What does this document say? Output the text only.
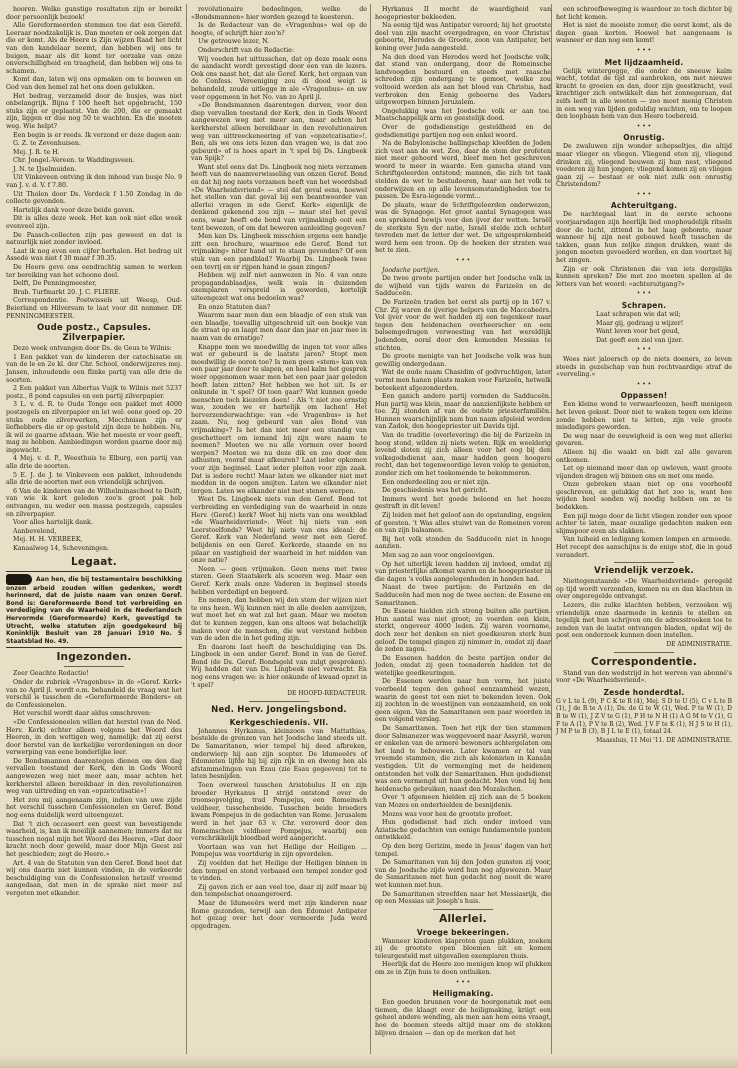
hooren. Welke gunstige resultaten zijn er bereikt door persoonlijk bezoek!

Alle Gereformeerden stemmen toe dat een Gerefd. Leeraar noodzakelijk is. Dan moeten er ook zorgen dat die er komt. Als de Heere is Zijn wijzen Raad het licht van den kandelaar neemt, dan hebben wij ons te buigen, maar als dit komt ter oorzake van onze onverschilligheid en traagheid, dan hebben wij ons te schamen.

Komt dan, laten wij ons opmaken om te bouwen en God van den hemel zal het ons doen gelukken.

Het bedrag, verzameld door de busjes, was niet onbelangrijk. Bijna f 100 heeft het opgebracht, 150 stuks zijn er geplaatst. Van de 200, die er gemaakt zijn, liggen er due nog 50 te wachten. En die moeten weg. Wie helpt?

Een begin is er reeds. Ik verzond er deze dagen aan:

G. Z. te Zevenhuisen.

Mej. J. R. te H.

Chr. Jongel.-Vereen. te Waddingsveen.

J. N. te IJselmuiden.

Uit Vinkeveen ontving ik den inhoud van busje No. 9 van J. v. d. V. f 7.80.

Uit Tholen door Ds. Verdeck f 1.50 Zondag in de collecte gevonden.

Hartelijk dank voor deze beide gaven.

Dit is alles deze week. Het kan ook niet elke week evenveel zijn.

De Paasch-collecten zijn pas geweest en dat is natuurlijk niet zonder invloed.

Laat ik nog even een cijfer herhalen. Het bedrag uit Assedè was niet f 30 maar f 30.35.

De Heere geve ons eendrachtig samen te werken ter bereiking van het schoone doel.

Delft, De Penningmeester,

Brab. Turfmarkt 20. J. C. FLIERE.

Correspondentie. Postwissels uit Weesp, Oud-Beierland en Hilversum te laat voor dit nummer. DE PENNINGMEESTER.

Oude postz., Capsules. Zilverpapier.

Deze week ontvangen door Ds. de Geus te Wilnis:

1 Een pakket van de kinderen der catechisatie en van de le en 2e kl. der Chr. School, onderwijzeres mej. Jansen, inhoudende een flinke partij van alle drie de soorten.

2 Een pakket van Albertus Vuijk te Wilnis met 5237 postz., 8 pond capsules en een partij zilverpapier.

3 L. v. d. R. te Oude Tonge een pakket met 4000 postzegels en zilverpapier en let wel: eene goed op. 20 stuks oude zilverwerken, Mecchnisan zijn er liefhebbers die er op gesteld zijn deze te hebben. Nu, ik wil ze gaarne afstaan. Wie het meeste er voor geeft, mag ze hebben. Aanbiedingen worden gaarne door mij ingewacht.

4 Mej. v. d. P., Weesthuis te Elburg, een partij van alle drie de soorten.

5 E. J. de J. te Vinkeveen een pakket, inhoudende alle drie de soorten met een vriendelijk schrijven.

6 Van de kinderen van de Wilhelminaschool te Delft, van wie ik kort geleden zoo'n groot pak heb ontvangen, nu weder een massa postzegels, capsules en zilverpapier.

Voor alles hartelijk dank.

Aanbevelend,

Mej. H. H. VERBEEK,

Kanaalweg 14, Scheveningen.

Legaat.
Aan hen, die bij testamentaire beschikking onzen arbeid zouden willen gedenken, wordt herinnerd, dat de juiste naam van onzen Geref. Bond is: Gereformeerde Bond tot verbreiding en verdediging van de Waarheid in de Nederlandsch Hervormde (Gereformeerde) Kerk, gevestigd te Utrecht, welke statuten zijn goedgekeurd bij Koninklijk Besluit van 28 Januari 1910 No. 5 Staatsblad No. 49.
Ingezonden.

Zeer Geachte Redactie!

Onder de rubriek «Vragenbus» in de «Geref. Kerk» van zo April jl. wordt o.m. behandeld de vraag wat het verschil is tusschen de «Gereformeerde Bonders» en de Confessionelen.

Het verschil wordt daar aldus omschreven:

«De Confessioneelen willen dat herstel (van de Ned. Herv. Kerk) echter alleen volgens het Woord des Heeren, in den wettigen weg, namelijk: dat zij eerst door herstel van de kerkelijke verordeningen en door verwerping van eene bonderlijke leer.

De Bondsmannen daarentegen dienen om den dag vervallen toestand der Kerk, den in Gods Woord aangewezen weg niet meer aan, maar achten het kerkherstel alleen bereikbaar in den revolutionairen weg van uittreding en van «opzetcatisatie»!

Het zou mij aangenaam zijn, indien van uwe zijde het verschil tusschen Confessionelen en Geref. Bond nog eens duidelijk werd uiteengezet.

Dat 't zich occaseert een geest van bevestigende waarheid, is, kan ik moeilijk aannemen; immers dat nu tusschen nogal mijn het Woord des Heeren, «Dat door kracht noch door geweld, maar door Mijn Geest zal het geschieden; zegt de Heere.»

Art. 4 van de Statuten van den Geref. Bond heet dat wij ons daarin niet kunnen vinden, in de verkeerde beschuldiging van de Confessionelen hetzelf vreemd aangedaan, dat men in de sprake niet meer zal vergeten met elkander.

revolutionaire bedoelingen, welke de «Bondsmannen» hier worden gezegd te koesteren.

Is de Redacteur van de «Vragenbus» wel op de hoogte, of schrijft hier zoo'n?

Uw getrouwe lezer, N.

Onderschrift van de Redactie:

Wij voeden het uittusschen, dat op deze maak eens de aandacht wordt gevestigd door een van de lezers. Ook ons naast het, dat ale Geref. Kerk, het orgaan van de Confess. Vereeniging zou di dood weigt is behandeld, zoude uitlegge in ale «Vragenbus» en uw veer opgemeen in het No. van zo April jl.

«De Bondsmannen daarentegen durven, voor den diep vervallen toestand der Kerk, den in Gods Woord aangewezen weg niet meer aan, maar achten het kerkherstel alleen bereikbaar in den revolutionairen weg van uittreeckeneering of van «opzetcatisatie»!. Ben, als we ons iets lezen dan vragen we, is dat zoo gebeurd» of is hoes apart in 't spel bij Ds. Lingbeek van Spijk?

Want stel eens dat Ds. Lingbeek nog niets verzamen heeft van de naamverwisseling van onzen Geref. Bond en dat hij nog niets verzamen heeft van het woordsbad «De Waarheidsvriend» — stel dat geval eens, hoewel het stellen van dat geval bij een beantwoorder van allerlei vragen in ede Geref. Kerk» eigenlijk de denkend gekenend zou zijn — maar stel het geval eens, waar heeft ede bond van vrijmakingb ooit een tent bewezen, of om dat beweren aanleiding gegeven?

Men kan Ds. Lingbeek misschien ergens een handje zitt een brochure, waarmee ede Geref. Bond tot vrijmaking» niter hand uit te staan gevonden? Of een stuk van een pandblad? Waarbij Ds. Lingbeek twee een tevrij en er rijpen hand ie gaan zingen?

Hebben wij zelf niet aanwezen in No. 4 van onze propagandablaadjes, welk wais in duizenden exemplaren verspreid is geworden, kortelijk uiteengezet wat ons bedoelen was?

En onze Statuten dan?

Waarom naar men dan een blaadje of een stuk van een blaadje, toevallig uitgeschreid uit een boekje van de straat op en laapt men daar dan jaar en jaar mee in naam van de ernstige?

Knappe men we moedwillig de ingen tot voor alles wat er gebeurd is de laatste jaren? Stopt men moedwillig de ooren toe? Is men geen «stem» kan van een paar jaar door te slapen, en heel kalm het gesprek weer opgenomen waar men het een paar jaar geleden heeft laten zitten? Het hebben we het uit. Is er onkunde in 't spel? Of toen gaar? Wat kunnen goede menschen toch kiezelen doen! . Als 't niet zoo ernstig was, zouden we er hartelijk om lachen! Het herverzenderwachtige: van «de Vragenbus» is het zaam. Nu, nog gebeurd van ales Bond van vrijmaking»? Is het dan niet meer een standig van geschetteert om iemand bij zijn ware naam te noemen? Moeten we nu alle vormen over boord werpen? Moeten we nu deze dik en zoo door den adhusten, vooraf maar afkeuren? Laat ieder opkomen voor zijn beginsel. Laat ieder pleiten voor zijn zaak. Dat is iedere recht! Maar laten we elkander niet met modden in de oogen smijten. Laten we elkander niet tergen. Laten we elkander niet met stenen werpen.

Weet Ds. Lingbeek niets van den Geref. Bond tot verbreiding en verdediging van de waarheid in onze Herv. (Geref.) kerk? Weet hij niets van ons weekblad «de Waarheidsvriend». Weet hij niets van een Leerstoelfonds? Weet hij niets van ons ideaal: de Geref. Kerk van Nederland weer met een Geref. belijdenis en een Geref. Kerkorde, staande en nu pilaar en vastigheid der waarheid in het midden van onze natie?

Neen — geen vrijmaken. Geen mens met twee staren. Geen Staatskerk als scoeren weg. Maar een Geref. Kerk zoals onze Vaderen in beginsel steeds hebben verdedigd en begeerd.

En nemen, dan hebben wij den stem der wijzen niet te ons heen. Wij kunnen niet in alle deelen aanvijzen, wat moet het en wat zal het gaan. Maar we moeten dat te kunnen zeggen, kan ons altoos wat belachelijk maken voor de menschen, die wat verstand hebben van de aden die in het geding zijn.

En daarom laat heeft de beschuldiging van Ds. Lingbeek in een ander Geref. Bond in van de Geref. Bond (de Ds. Geref. Bondsgeld van zulgt gesproken). Wij hadden dat van Ds. Lingbeek niet verwacht. En nog eens vragen we: is hier onkunde of kwaad opzet in 't spel?

DE HOOFD-REDACTEUR.

Ned. Herv. Jongelingsbond.
Kerkgeschiedenis. VII.

Johannes Hyrkanus, kleinzoon van Mattathias, bestelde de grenzen van het Joodsche land steeds uit. De Samaritanen, wier tempel hij deed afbreken, onderwierp hij aan zijn scepter. De Idumeeërs of Edomieten lijfde hij bij zijn rijk in en dwong hen als afstammelingen van Ezau (zie Esau gegeeven) tot te laten besnijden.

Toen overweel tusschen Aristobulus II en zijn broeder Hyrkanus II strijd ontstond over de troonsopvolging, trad Pompejus, een Romeinsch veldheer, tusschenbeide. Tusschen beide broeders kwam Pompejus in de gedachten van Rome. Jerusalem werd in het jaar 63 v. Chr. veroverd door den Romeinschen veldheer Pompejus, waarbij een verschrikkelijk bloedbad werd aangericht.

Voortaan was van het Heilige der Heiligen ... Pompejus was voortdurig in zijn opvordelen.

Zij voelden dat het Heilige der Heiligen binnen in den tempel en stond verbaasd een tempel zonder god te vinden.

Zij gaven zich er aan veel toe, daar zij zelf maar bij den tempelschat onaangeroerd.

Maar de Idumeeërs werd met zijn kinderen naar Rome gezonden, terwijl aan den Edomiet Antipater het gezag over het door vermoerde Juda werd opgedragen.

Hyrkanus II mocht de waardigheid van hoogepriester bekleeden.

Na eenig tijd was Antipater veroord; hij het grootste deel van zijn macht overgedragen, en voor Christus' geboorte, Herodes de Groote, zoon van Antipater, bet koning over Juda aangesteld.

Na den dood van Herodes werd het Joodsche volk, dat stand van ondergang, door de Romeinsche landvoogden bestuurd en steeds met raasche schreden zijn ondergang te gemoet, welke zou voltooid worden als aan het bloed van Christus, had verbroken den Eenig geboorne des Vaders uitgeworpen binnen Jeruzalem.

Ongelukkig was het Joodsche volk er aan toe. Maatschappelijk arm en geestelijk dood.

Over de godsdienstige gesteldheid en de godsdienstige partijen nog een enkel woord.

Na de Babylonische ballingschap kleefden de Joden zich vast aan de wet. Zoo, daar de stem der profeten niet meer gehoord werd, bleef men het geschreven woord te meer in waarde. Een ganscha stand van Schriftgeleerden ontstond; mannen, die zich tot taak stelden de wet te bestudeeren, haar aan het volk te onderwijzen en op alle levensomstandigheden toe te passen. De Esra-legende vormt...

De plaats, waar de Schriftgeleerden onderwezen, was de Synagoge. Het groot aantal Synagogen was een sprekend bewijs voor den ijver der wetten. Israël de sterkste Syn der natie, Israël stelde zich echter tevreden met de letter der wet. De uitgesprokenheid werd hem een troon. Op de hoeken der straten was het te zien.

• • •

Joodsche partijen.

De twee groote partijen onder het Joodsche volk in de wijheid van tijds waren de Farizeën en de Sadduceën.

De Farizeën traden het eerst als partij op in 167 v. Chr. Zij waren de ijverige helpers van de Maccabeërs. Vol ijver voor de wet hadden zij een tegenkeer naar tegen den heidenschen overheerscher en een balsemgedragen verwoesting van het wereldlijk Jodendom, ooral door den komenden Messias te stichten.

De groote menigte van het Joodsche volk was hun gewillig ondergedaan.

Wat de oude naam Chasidim of godvruchtigen, later vormt men hanen plaats maken voor Farizeën, hetwelk beteekent afgezonderden.

Een ganich andere partij vormden de Sadduceën. Hun partij was klein, maar de aanzienlijkste hebben er toe. Zij stonden af van de oudste priesterfamiliën. Hunnen waarschijnlijk nam hun naam afgeleid worden van Zadok, den hoogepriester uit Davids tijd.

Van de traditie (overlevering) die bij de Farizeën in hoog stond, wilden zij niets weten. Rijk en weelderig levend sloten zij zich alleen voor het oog bij den volksgodsdienst aan, maar hadden geen hoogere recht, dan het tegenwoordige leven volop te genieten, zonder zich om het toekomende te bekommeren.

Een onderdeeling zou er niet zijn.

De geschiedenis was het gericht.

Immers werd het goede beloond en het boeze gestraft in dit leven!

Zij leiden met het geloof aan de opstanding, engelen of geesten. 't Was alles stuiwt van de Romeinen voren en van zijn balsamen.

Bij het volk stonden de Sadduceën niet in hooge aanzien.

Men sag ze aan voor ongeloovigen.

Op het uiterlijk leven hadden zij invloed, omdat zij van priesterlijke afkomst waren en de hoogepriester in die dagen 's volks aangelegenheden in handen had.

Naast de twee partijen: de Farizeën en de Sadduceën had men nog de twee secten: de Essene en Samaritanen.

De Essene hielden zich streng buiten alle partijen. Hun aantal was niet groot; zo voerden een klein, sterkt, ongeveer 4000 leden. Zij waren voorname, doch zeer het denken en niet goedkeuren sterk hun geloof. De tempel gingen zij nimmer in, omdat zij daar de zeden zagen.

De Essenen hadden de beste partijen onder de Joden, omdat zij geen toenaderen hadden tot de wetelijke goedkeuringen.

De Essenen werden naar hun vorm, het juiste voorbeeld tegen den geheel eenzaamheid wezen, waarin de geest tot een niet te bekenden leven. Ook zij zochten in de woestijnen van eenzaamheid, en ook geen eigen. Van de Samaritanen een paar woorden in een volgend verslag.

De Samaritanen. Toen het rijk der tien stammen door Salmanezer was weggevoerd naar Assyrië, waren er enkelen van de armere bewoners achtergelaten om het land te bebouwen. Later kwamen er tal van vreemde stammen, die zich als kolonisten in Kanaän vestigden. Uit de vermenging met de heidenen ontstonden het volk der Samaritanen. Hun godsdienst was een vermengd uit hun gedacht. Men vond bij hen heidensche gebruiken, naast den Mozaïschen.

Over 't afgemeen hielden zij zich aan de 5 boeken van Mozes en onderhielden de besnijdenis.

Mozes was voor hen de grootste profeet.

Hun godsdienst had zich onder invloed van Aziatische gedachten van eenige fundamentele punten ontwikkeld.

Op den berg Gerizim, mede in Jesus' dagen van het tempel.

De Samaritanen van bij den Joden gunsten zij voor, van de Joodsche zijde werd hun nog afgewezen. Maar de Samaritanen met hun gedacht nog nooit de ware wet kunnen met hun.

De Samaritanen streefden naar het Messiasrijk, die op een Messias uit Joseph's huis.

Allerlei.
Vroege bekeeringen.

Wanneer kinderen klaproten gaan plukken, zoeken zij de grootste open bloemen uit en komen teleurgesteld met uitgevallen exemplaren thuis.

Heerlijk dat de Heere zoo menigen knop wil plukken om ze in Zijn huis te doen ontluiken.

• • •
Heiligmaking.

Een goeden brunnen voor de hoorgenstuk met een tiemen, die klaagt over de heiligmaking, kriigt een geheel andere wending, als men aan hem eens vraagt, hoe de boomen steeds altijd maar om de stokken blijven draaien — dan op de merken dat het

een schroefbeweging is waardoor ze toch dichter bij het licht komen.

Het is niet de moeiste zomer, die eerst komt, als de dagen gaan korten. Hoewel het aangenaam is wanneer er dan nog een komt!

• • •
Met lijdzaamheid.

Gelijk wintergegge, die onder de sneeuw kalm wacht, totdat de tijd zal aanbreken, om met nieuwe kracht te groeien en dan, door zijn geestkracht, veel krachtiger zich ontwikkelt dan het zonnegeraan, dat zelfs leeft in alle weeten — zoo moet menig Christen in een weg van lijden geduldig wachten, om te loopen den loopbaan hem van den Heere toebereid.

• • •
Onrustig.

De zwaluwen zijn wonder schepseltjes, die altijd maar vlieger en vliegen. Vliegend eten zij, vliegend drinken zij, vliegend bouwen zij hun nest, vliegend voederen zij hun jongen; vliegend komen zij en vliegen gaan zij — bestaat er ook niet zulk een onrustig Christendom?

• • •
Achteruitgang.

De nachtegaal laat in de eerste schoone voorjaarsdagen zijn heerlijk lied onophoudelijk ritseln door de lucht, zittend in het laag gebomte, maar wanneer hij zijn nest gebouwd heeft tusschen de takken, gaan hun zeljke zingen drukken, want de jongen moeten gevoederd worden, en dan voortzet hij het zingen.

Zijn er ook Christenen die van iets dergelijks kunnen spreken? Die met zoo moeten spellen al de letters van het woord: «achteruitgang?»

• • •
Schrapen.

Laat schrapen wie dat wil;

Maar gij, gedraag u wijzer!

Want leven voor het goud,

Dat geeft een ziel van ijzer.

• • •

Wees niet jaloersch op de niets doeners, zo leven steeds in gezelschap van hun rechtvaardige straf de «verveling.»

• • •
Oppassen!

Een kleine wond te verwaarloozen, heeft menigeen het leven gekost. Door niet te waken tegen een kleine zonde hebben niet te letten, zijn vele groote misdadigers geworden.

De weg naar de eeuwigheid is een weg met allerlei gevaren.

Alleen hij die waakt en bidt zal alle gevaren ontkomen.

Let op niemand meer dan op uwleven, want groote vijanden dragen wij binnen ons en met ons mede.

Onze gebreken staan niet op ons voorhoofd geschreven, en gelukkig dat het zoo is, want hoe wijden heel sonden wij noodig hebben om ze te bedekken.

Een pijl moge door de licht vliegen zonder een spoor achter te laten, maar ouzalige gedachten maken een slijmspoor even als slakken.

Van luiheid en ledigang komen lompen en armoede. Het recept des aanschijns is de enige stof, die in goud verandert.

Vriendelijk verzoek.

Niettegenstaande «De Waarheidsvriend» geregeld op tijd wordt verzonden, komen nu en dan klachten in over ongeregelde ontvangst.

Lezers, die zulke klachten hebben, verzoeken wij vriendelijk onze daarmede in kennis te stellen en tegelijk met hun schrijven om de adresstrooken toe te zenden van de laatst ontvangen bladen, opdat wij de post een onderzoek kunnen doen instellen.

DE ADMINISTRATIE.

Correspondentie.

Stand van den wedstrijd in het werven van abonné's voor «De Waarheidsvriend».

Zesde honderdtal.

G v L te L (9), P C K te R (4), Mej. S D te U (5), C v L te B (1), J de R te A (1), Ds. de G te W (1), Wed. P te W (1), D B te W (1), J Z V te G (1), P H te N H (1) A G M te V (1), G F te A (1), P V te R (2), Wed. J V F te K (1), H J S te H (1), J M P te B (3), B J L te E (1), totaal 24.

Maassluis, 11 Mei '11. DE ADMINISTRATIE.
